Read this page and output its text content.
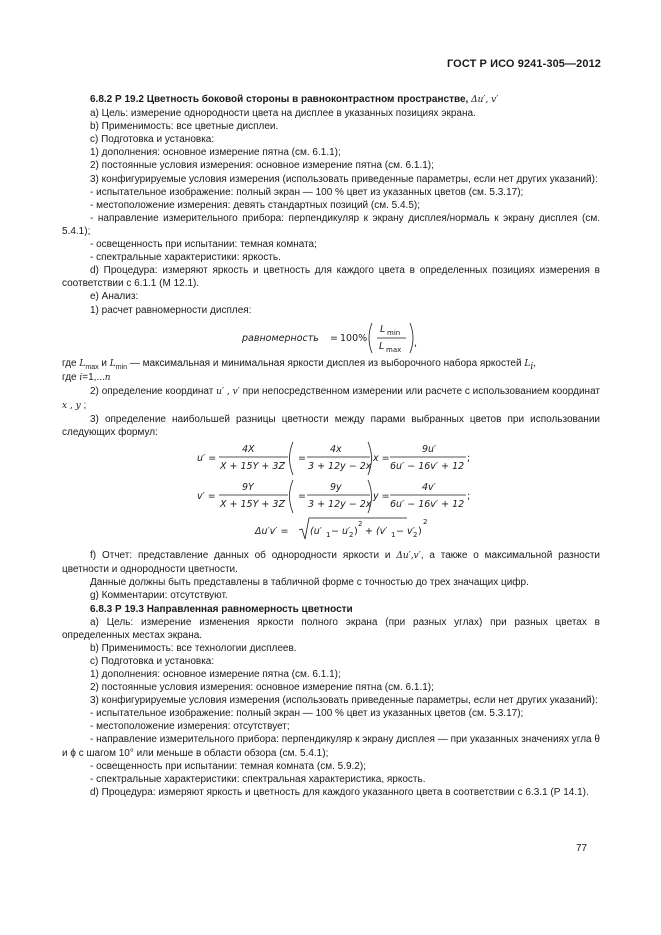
ГОСТ Р ИСО 9241-305—2012

6.8.2 Р 19.2 Цветность боковой стороны в равноконтрастном пространстве, Δu′, v′

a) Цель: измерение однородности цвета на дисплее в указанных позициях экрана.

b) Применимость: все цветные дисплеи.

c) Подготовка и установка:

1) дополнения: основное измерение пятна (см. 6.1.1);

2) постоянные условия измерения: основное измерение пятна (см. 6.1.1);

3) конфигурируемые условия измерения (использовать приведенные параметры, если нет других указаний):

- испытательное изображение: полный экран — 100 % цвет из указанных цветов (см. 5.3.17);

- местоположение измерения: девять стандартных позиций (см. 5.4.5);

- направление измерительного прибора: перпендикуляр к экрану дисплея/нормаль к экрану дисплея (см. 5.4.1);

- освещенность при испытании: темная комната;

- спектральные характеристики: яркость.

d) Процедура: измеряют яркость и цветность для каждого цвета в определенных позициях измерения в соответствии с 6.1.1 (М 12.1).

e) Анализ:

1) расчет равномерности дисплея:

равномерность = 100%
L min
L max
,

где $L_{max}$ и $L_{min}$ — максимальная и минимальная яркости дисплея из выборочного набора яркостей $L_i$,
где i=1,...n

2) определение координат u′ , v′ при непосредственном измерении или расчете с использованием координат x , y ;

3) определение наибольшей разницы цветности между парами выбранных цветов при использовании следующих формул:

u′ =
4X
X + 15Y + 3Z
=
4x
3 + 12y − 2x
x =
9u′
6u′ − 16v′ + 12
;
v′ =
9Y
X + 15Y + 3Z
=
9y
3 + 12y − 2x
y =
4v′
6u′ − 16v′ + 12
;
Δu′v′ = (u′ 1 − u′
2 )
2
+ (v′ 1 − v′
2 )
2

f) Отчет: представление данных об однородности яркости и Δu′,v′, а также о максимальной разности цветности и однородности цветности.

Данные должны быть представлены в табличной форме с точностью до трех значащих цифр.

g) Комментарии: отсутствуют.

6.8.3 Р 19.3 Направленная равномерность цветности

a) Цель: измерение изменения яркости полного экрана (при разных углах) при разных цветах в определенных местах экрана.

b) Применимость: все технологии дисплеев.

c) Подготовка и установка:

1) дополнения: основное измерение пятна (см. 6.1.1);

2) постоянные условия измерения: основное измерение пятна (см. 6.1.1);

3) конфигурируемые условия измерения (использовать приведенные параметры, если нет других указаний):

- испытательное изображение: полный экран — 100 % цвет из указанных цветов (см. 5.3.17);

- местоположение измерения: отсутствует;

- направление измерительного прибора: перпендикуляр к экрану дисплея — при указанных значениях угла θ и ϕ с шагом 10° или меньше в области обзора (см. 5.4.1);

- освещенность при испытании: темная комната (см. 5.9.2);

- спектральные характеристики: спектральная характеристика, яркость.

d) Процедура: измеряют яркость и цветность для каждого указанного цвета в соответствии с 6.3.1 (Р 14.1).

77
